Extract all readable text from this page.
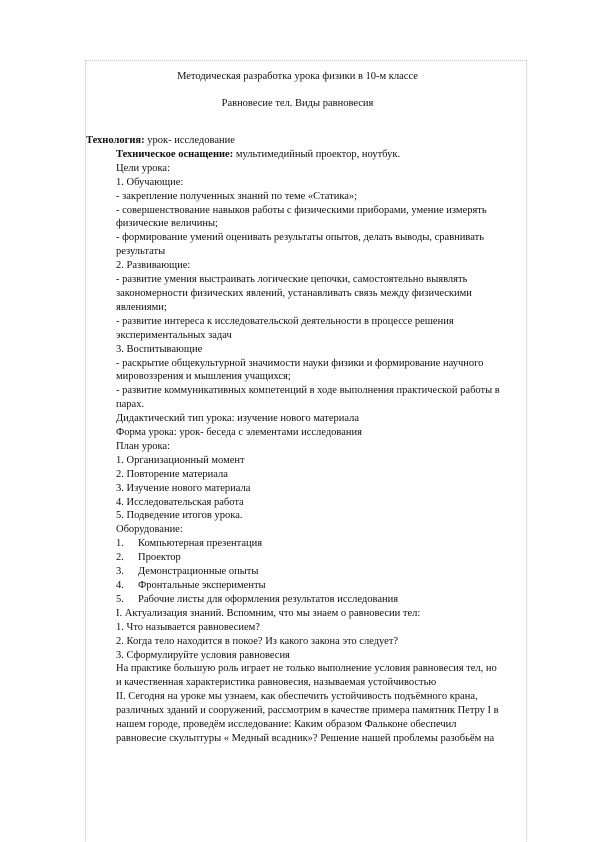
Методическая разработка урока физики в 10-м классе
Равновесие тел. Виды равновесия
Технология: урок- исследование
Техническое оснащение: мультимедийный проектор, ноутбук.
Цели урока:
1. Обучающие:
- закрепление полученных знаний по теме «Статика»;
- совершенствование навыков работы с физическими приборами, умение измерять
физические величины;
- формирование умений оценивать результаты опытов, делать выводы, сравнивать
результаты
2. Развивающие:
- развитие умения выстраивать логические цепочки, самостоятельно выявлять
закономерности физических явлений, устанавливать связь между физическими
явлениями;
- развитие интереса к исследовательской деятельности в процессе решения
экспериментальных задач
3. Воспитывающие
- раскрытие общекультурной значимости науки физики и формирование научного
мировоззрения и мышления учащихся;
- развитие коммуникативных компетенций в ходе выполнения практической работы в
парах.
Дидактический тип урока: изучение нового материала
Форма урока: урок- беседа с элементами исследования
План урока:
1. Организационный момент
2. Повторение материала
3. Изучение нового материала
4. Исследовательская работа
5. Подведение итогов урока.
Оборудование:
1. Компьютерная презентация
2. Проектор
3. Демонстрационные опыты
4. Фронтальные эксперименты
5. Рабочие листы для оформления результатов исследования
I. Актуализация знаний. Вспомним, что мы знаем о равновесии тел:
1. Что называется равновесием?
2. Когда тело находится в покое? Из какого закона это следует?
3. Сформулируйте условия равновесия
На практике большую роль играет не только выполнение условия равновесия тел, но
и качественная характеристика равновесия, называемая устойчивостью
II. Сегодня на уроке мы узнаем, как обеспечить устойчивость подъёмного крана,
различных зданий и сооружений, рассмотрим в качестве примера памятник Петру I в
нашем городе, проведём исследование: Каким образом Фальконе обеспечил
равновесие скульптуры « Медный всадник»? Решение нашей проблемы разобьём на
